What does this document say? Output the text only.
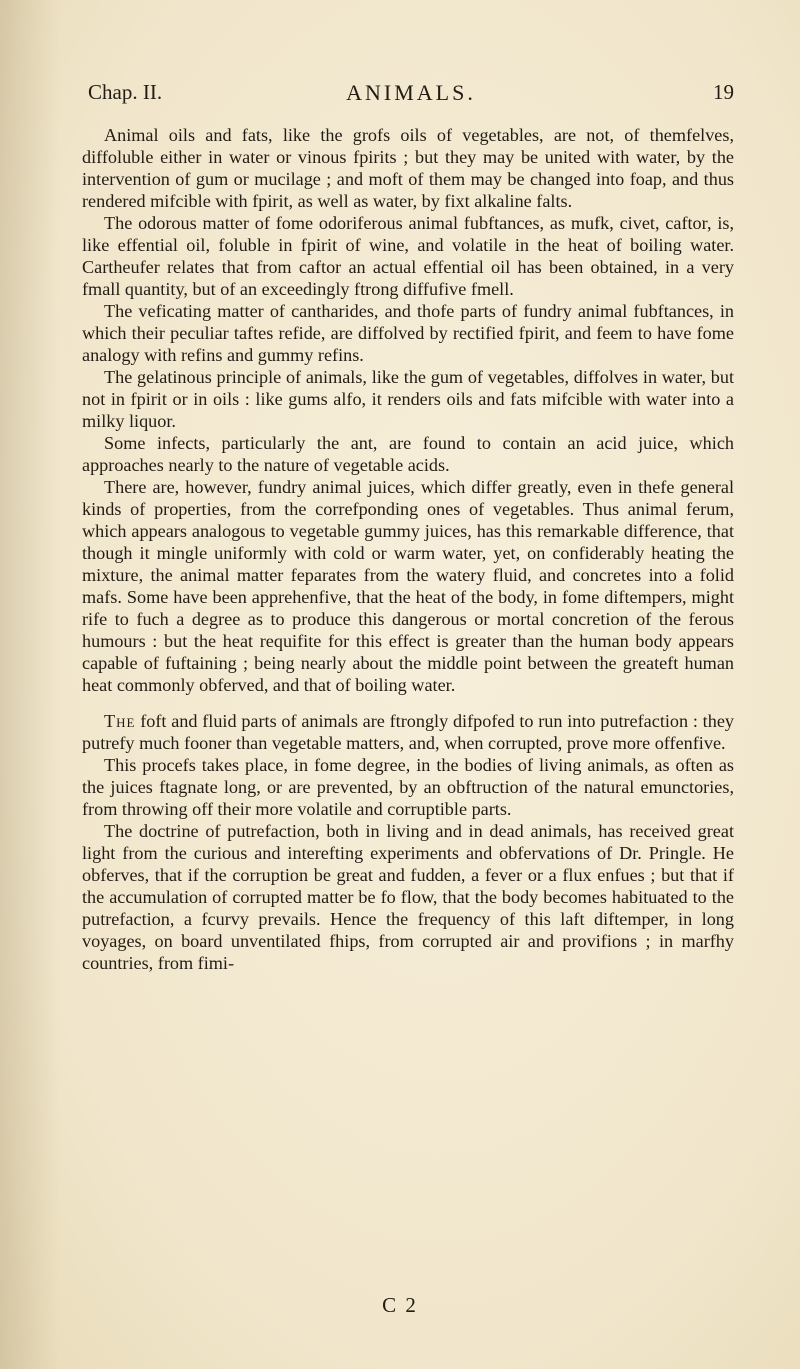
Chap. II.	ANIMALS.	19

Animal oils and fats, like the grofs oils of vegetables, are not, of themfelves, diffoluble either in water or vinous fpirits ; but they may be united with water, by the intervention of gum or mucilage ; and moft of them may be changed into foap, and thus rendered mifcible with fpirit, as well as water, by fixt alkaline falts.

The odorous matter of fome odoriferous animal fubftances, as mufk, civet, caftor, is, like effential oil, foluble in fpirit of wine, and volatile in the heat of boiling water. Cartheufer relates that from caftor an actual effential oil has been obtained, in a very fmall quantity, but of an exceedingly ftrong diffufive fmell.

The veficating matter of cantharides, and thofe parts of fundry animal fubftances, in which their peculiar taftes refide, are diffolved by rectified fpirit, and feem to have fome analogy with refins and gummy refins.

The gelatinous principle of animals, like the gum of vegetables, diffolves in water, but not in fpirit or in oils : like gums alfo, it renders oils and fats mifcible with water into a milky liquor.

Some infects, particularly the ant, are found to contain an acid juice, which approaches nearly to the nature of vegetable acids.

There are, however, fundry animal juices, which differ greatly, even in thefe general kinds of properties, from the correfponding ones of vegetables. Thus animal ferum, which appears analogous to vegetable gummy juices, has this remarkable difference, that though it mingle uniformly with cold or warm water, yet, on confiderably heating the mixture, the animal matter feparates from the watery fluid, and concretes into a folid mafs. Some have been apprehenfive, that the heat of the body, in fome diftempers, might rife to fuch a degree as to produce this dangerous or mortal concretion of the ferous humours : but the heat requifite for this effect is greater than the human body appears capable of fuftaining ; being nearly about the middle point between the greateft human heat commonly obferved, and that of boiling water.

The foft and fluid parts of animals are ftrongly difpofed to run into putrefaction : they putrefy much fooner than vegetable matters, and, when corrupted, prove more offenfive.

This procefs takes place, in fome degree, in the bodies of living animals, as often as the juices ftagnate long, or are prevented, by an obftruction of the natural emunctories, from throwing off their more volatile and corruptible parts.

The doctrine of putrefaction, both in living and in dead animals, has received great light from the curious and interefting experiments and obfervations of Dr. Pringle. He obferves, that if the corruption be great and fudden, a fever or a flux enfues ; but that if the accumulation of corrupted matter be fo flow, that the body becomes habituated to the putrefaction, a fcurvy prevails. Hence the frequency of this laft diftemper, in long voyages, on board unventilated fhips, from corrupted air and provifions ; in marfhy countries, from fimi-

C 2
